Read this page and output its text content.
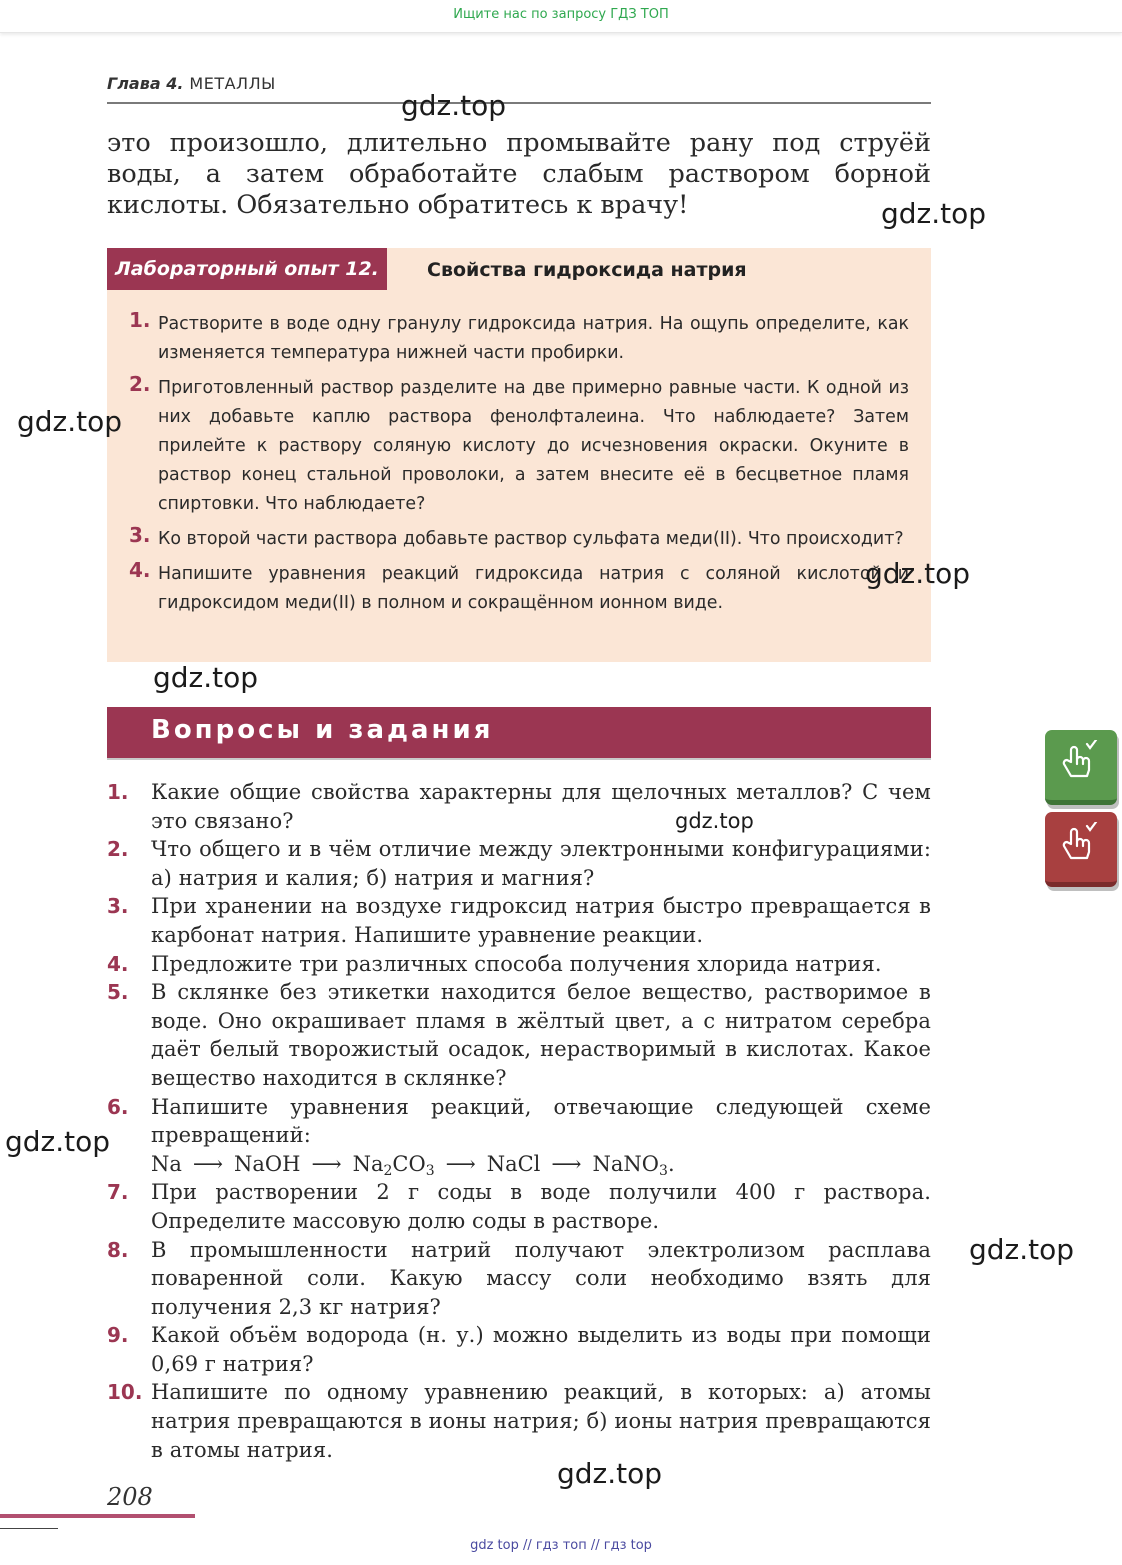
Ищите нас по запросу ГДЗ ТОП
Глава 4. МЕТАЛЛЫ
это произошло, длительно промывайте рану под струёй воды, а затем обработайте слабым раствором борной кислоты. Обязательно обратитесь к врачу!
Лабораторный опыт 12.	Свойства гидроксида натрия
1. Растворите в воде одну гранулу гидроксида натрия. На ощупь определите, как изменяется температура нижней части пробирки.
2. Приготовленный раствор разделите на две примерно равные части. К одной из них добавьте каплю раствора фенолфталеина. Что наблюдаете? Затем прилейте к раствору соляную кислоту до исчезновения окраски. Окуните в раствор конец стальной проволоки, а затем внесите её в бесцветное пламя спиртовки. Что наблюдаете?
3. Ко второй части раствора добавьте раствор сульфата меди(II). Что происходит?
4. Напишите уравнения реакций гидроксида натрия с соляной кислотой и гидроксидом меди(II) в полном и сокращённом ионном виде.
Вопросы и задания
1. Какие общие свойства характерны для щелочных металлов? С чем это связано?
2. Что общего и в чём отличие между электронными конфигурациями: а) натрия и калия; б) натрия и магния?
3. При хранении на воздухе гидроксид натрия быстро превращается в карбонат натрия. Напишите уравнение реакции.
4. Предложите три различных способа получения хлорида натрия.
5. В склянке без этикетки находится белое вещество, растворимое в воде. Оно окрашивает пламя в жёлтый цвет, а с нитратом серебра даёт белый творожистый осадок, нерастворимый в кислотах. Какое вещество находится в склянке?
6. Напишите уравнения реакций, отвечающие следующей схеме превращений:
Na ⟶ NaOH ⟶ $Na_2CO_3$ ⟶ NaCl ⟶ NaNO$_3$.
7. При растворении 2 г соды в воде получили 400 г раствора. Определите массовую долю соды в растворе.
8. В промышленности натрий получают электролизом расплава поваренной соли. Какую массу соли необходимо взять для получения 2,3 кг натрия?
9. Какой объём водорода (н. у.) можно выделить из воды при помощи 0,69 г натрия?
10. Напишите по одному уравнению реакций, в которых: а) атомы натрия превращаются в ионы натрия; б) ионы натрия превращаются в атомы натрия.
208
gdz top // гдз топ // гдз top
gdz.top
gdz.top
gdz.top
gdz.top
gdz.top
gdz.top
gdz.top
gdz.top
gdz.top
